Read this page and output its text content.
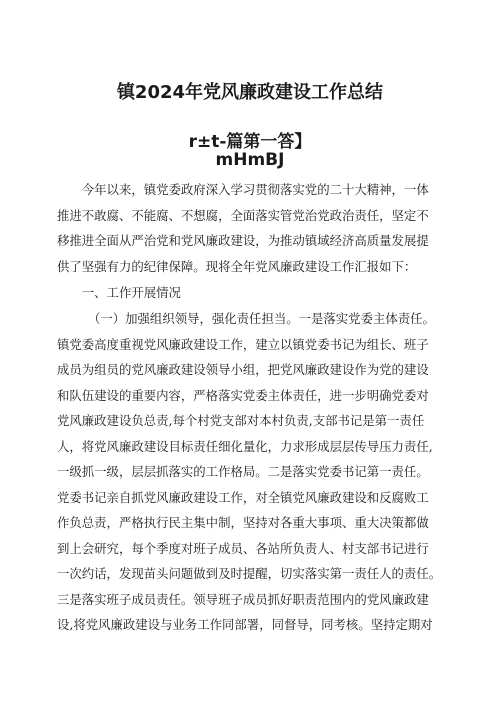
镇2024年党风廉政建设工作总结
r±t-篇第一答】
mHmBJ
　　今年以来，镇党委政府深入学习贯彻落实党的二十大精神，一体
推进不敢腐、不能腐、不想腐，全面落实管党治党政治责任，坚定不
移推进全面从严治党和党风廉政建设，为推动镇域经济高质量发展提
供了坚强有力的纪律保障。现将全年党风廉政建设工作汇报如下：
　　一、工作开展情况
　　　（一）加强组织领导，强化责任担当。一是落实党委主体责任。
镇党委高度重视党风廉政建设工作，建立以镇党委书记为组长、班子
成员为组员的党风廉政建设领导小组，把党风廉政建设作为党的建设
和队伍建设的重要内容，严格落实党委主体责任，进一步明确党委对
党风廉政建设负总责,每个村党支部对本村负责,支部书记是第一责任
人，将党风廉政建设目标责任细化量化，力求形成层层传导压力责任,
一级抓一级，层层抓落实的工作格局。二是落实党委书记第一责任。
党委书记亲自抓党风廉政建设工作，对全镇党风廉政建设和反腐败工
作负总责，严格执行民主集中制，坚持对各重大事项、重大决策都做
到上会研究，每个季度对班子成员、各站所负责人、村支部书记进行
一次约话，发现苗头问题做到及时提醒，切实落实第一责任人的责任。
三是落实班子成员责任。领导班子成员抓好职责范围内的党风廉政建
设,将党风廉政建设与业务工作同部署，同督导，同考核。坚持定期对
